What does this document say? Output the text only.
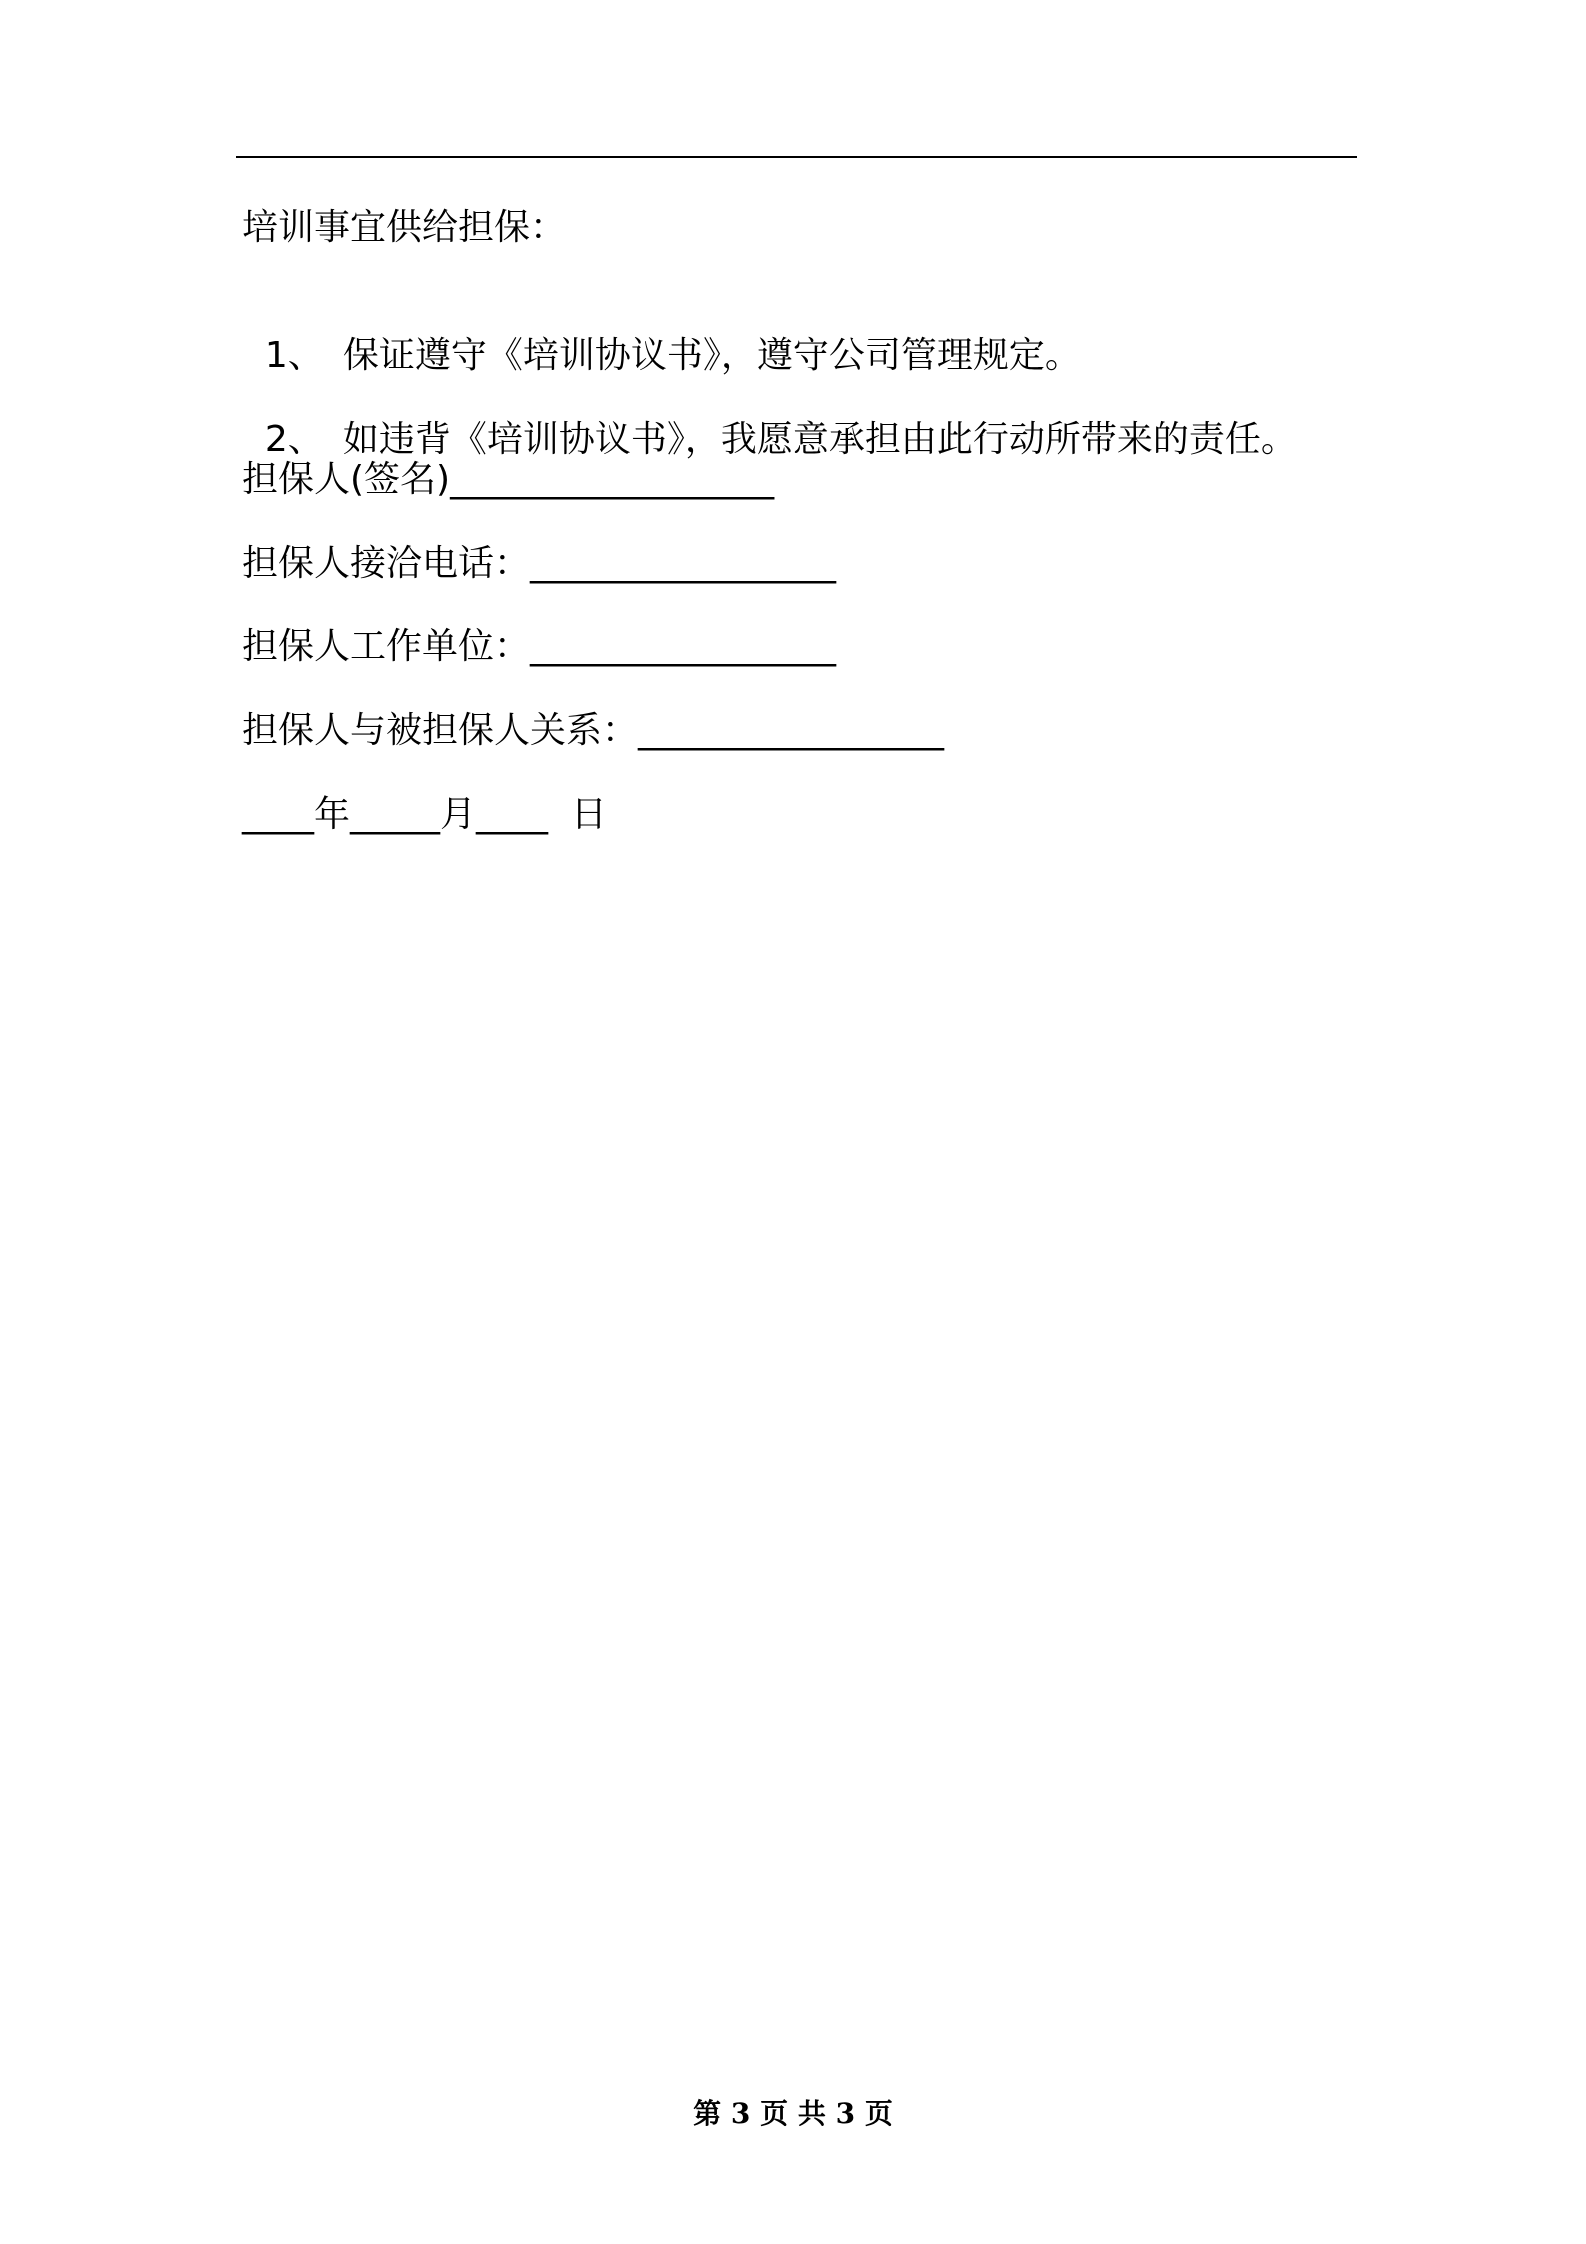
培训事宜供给担保：

1、 保证遵守《培训协议书》，遵守公司管理规定。

2、 如违背《培训协议书》，我愿意承担由此行动所带来的责任。

担保人(签名)__________________
担保人接洽电话：_________________
担保人工作单位：_________________
担保人与被担保人关系：_________________
____年_____月____  日
第 3 页 共 3 页
